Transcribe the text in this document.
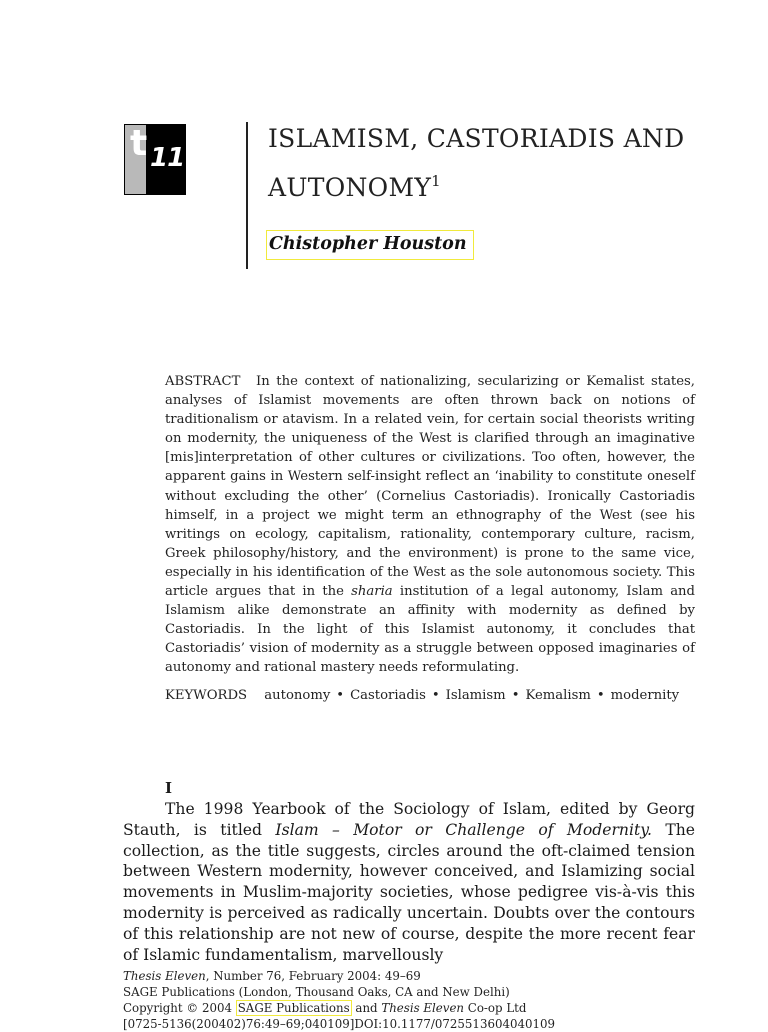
t 11
ISLAMISM, CASTORIADIS AND AUTONOMY$^1$
Chistopher Houston
ABSTRACT In the context of nationalizing, secularizing or Kemalist states, analyses of Islamist movements are often thrown back on notions of traditionalism or atavism. In a related vein, for certain social theorists writing on modernity, the uniqueness of the West is clarified through an imaginative [mis]interpretation of other cultures or civilizations. Too often, however, the apparent gains in Western self-insight reflect an ‘inability to constitute oneself without excluding the other’ (Cornelius Castoriadis). Ironically Castoriadis himself, in a project we might term an ethnography of the West (see his writings on ecology, capitalism, rationality, contemporary culture, racism, Greek philosophy/history, and the environment) is prone to the same vice, especially in his identification of the West as the sole autonomous society. This article argues that in the sharia institution of a legal autonomy, Islam and Islamism alike demonstrate an affinity with modernity as defined by Castoriadis. In the light of this Islamist autonomy, it concludes that Castoriadis’ vision of modernity as a struggle between opposed imaginaries of autonomy and rational mastery needs reformulating.
KEYWORDS autonomy • Castoriadis • Islamism • Kemalism • modernity
I
The 1998 Yearbook of the Sociology of Islam, edited by Georg Stauth, is titled Islam – Motor or Challenge of Modernity. The collection, as the title suggests, circles around the oft-claimed tension between Western modernity, however conceived, and Islamizing social movements in Muslim-majority societies, whose pedigree vis-à-vis this modernity is perceived as radically uncertain. Doubts over the contours of this relationship are not new of course, despite the more recent fear of Islamic fundamentalism, marvellously
Thesis Eleven, Number 76, February 2004: 49–69
SAGE Publications (London, Thousand Oaks, CA and New Delhi)
Copyright © 2004 SAGE Publications and Thesis Eleven Co-op Ltd
[0725-5136(200402)76:49–69;040109]DOI:10.1177/0725513604040109
